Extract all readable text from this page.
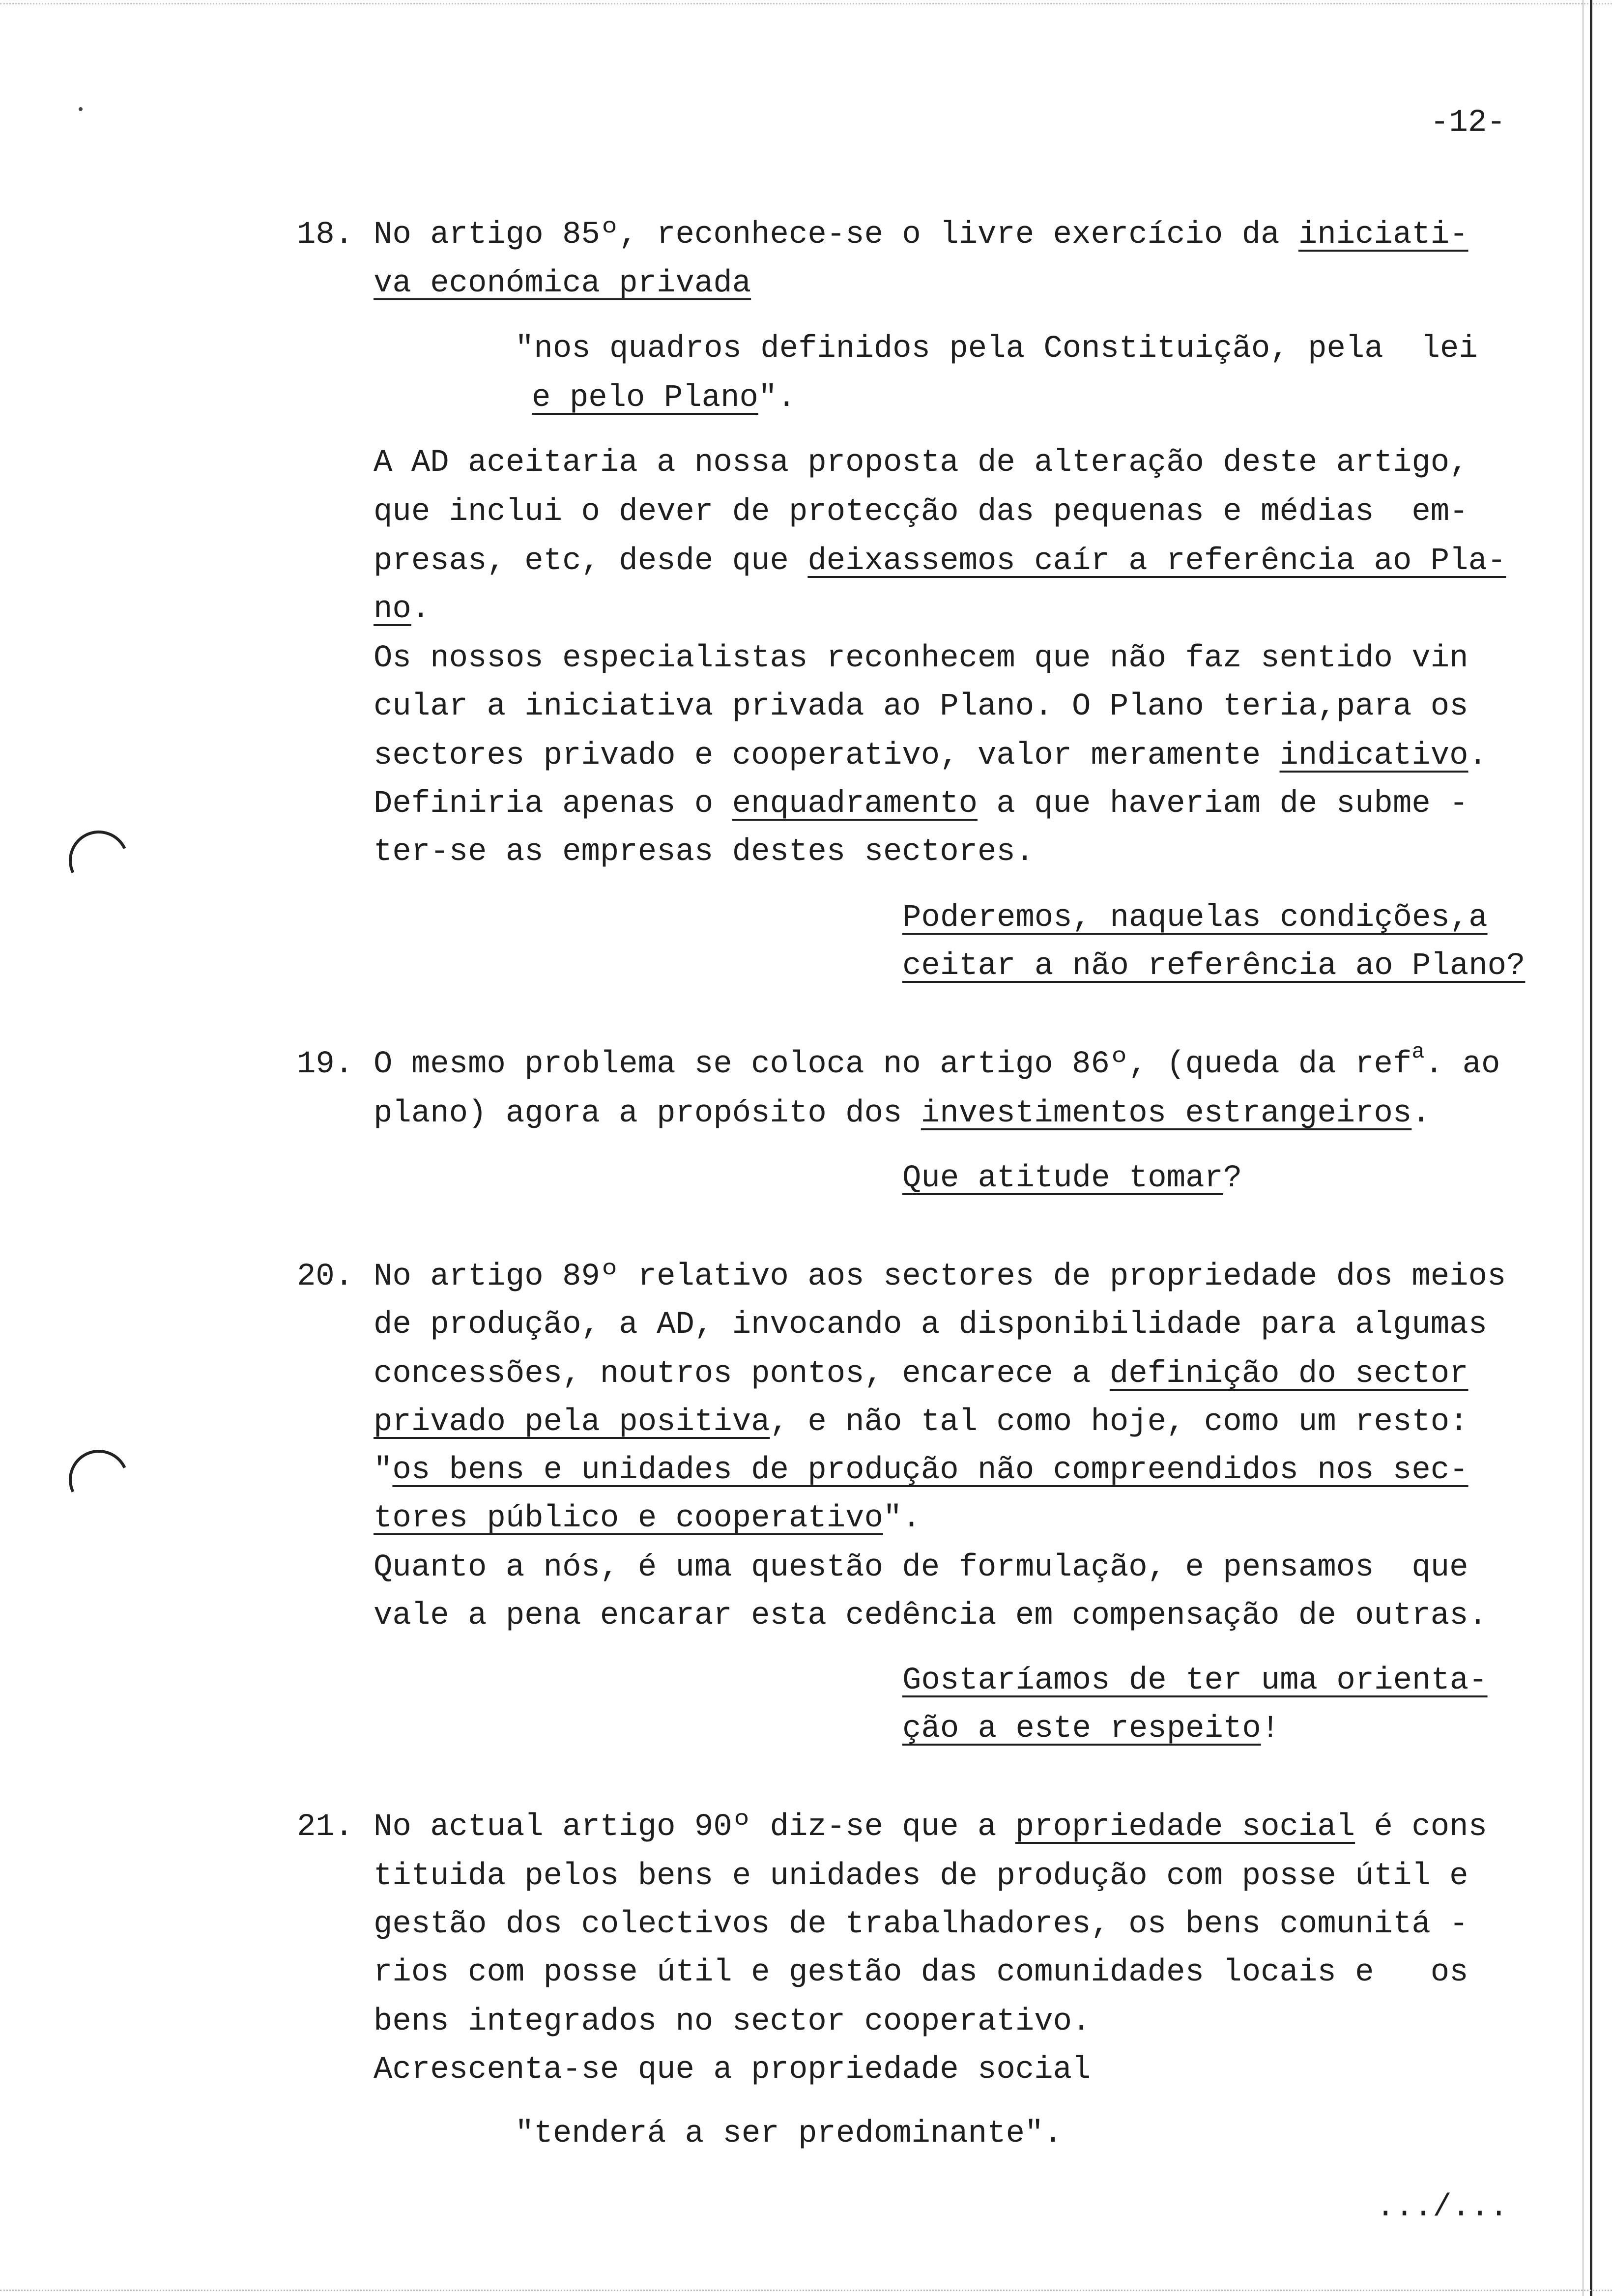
-12-
18. No artigo 85º, reconhece-se o livre exercício da iniciati-
va económica privada
"nos quadros definidos pela Constituição, pela  lei
e pelo Plano".
A AD aceitaria a nossa proposta de alteração deste artigo,
que inclui o dever de protecção das pequenas e médias  em-
presas, etc, desde que deixassemos caír a referência ao Pla-
no.
Os nossos especialistas reconhecem que não faz sentido vin
cular a iniciativa privada ao Plano. O Plano teria,para os
sectores privado e cooperativo, valor meramente indicativo.
Definiria apenas o enquadramento a que haveriam de subme -
ter-se as empresas destes sectores.
Poderemos, naquelas condições,a
ceitar a não referência ao Plano?
19. O mesmo problema se coloca no artigo 86º, (queda da ref$^a$. ao
plano) agora a propósito dos investimentos estrangeiros.
Que atitude tomar?
20. No artigo 89º relativo aos sectores de propriedade dos meios
de produção, a AD, invocando a disponibilidade para algumas
concessões, noutros pontos, encarece a definição do sector
privado pela positiva, e não tal como hoje, como um resto:
"os bens e unidades de produção não compreendidos nos sec-
tores público e cooperativo".
Quanto a nós, é uma questão de formulação, e pensamos  que
vale a pena encarar esta cedência em compensação de outras.
Gostaríamos de ter uma orienta-
ção a este respeito!
21. No actual artigo 90º diz-se que a propriedade social é cons
tituida pelos bens e unidades de produção com posse útil e
gestão dos colectivos de trabalhadores, os bens comunitá -
rios com posse útil e gestão das comunidades locais e   os
bens integrados no sector cooperativo.
Acrescenta-se que a propriedade social
"tenderá a ser predominante".
.../...
